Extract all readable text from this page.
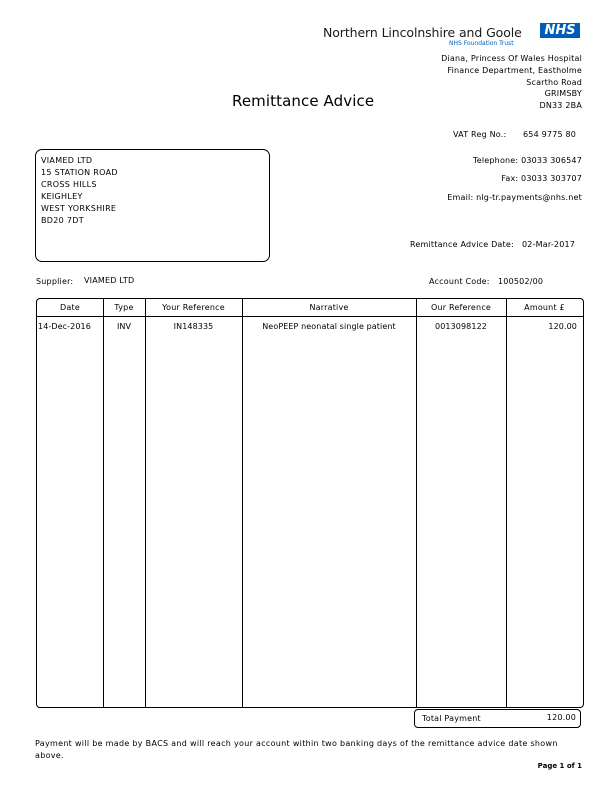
Northern Lincolnshire and Goole	NHS
NHS Foundation Trust
Diana, Princess Of Wales Hospital
Finance Department, Eastholme
Scartho Road
GRIMSBY
DN33 2BA
Remittance Advice
VAT Reg No.: 654 9775 80
VIAMED LTD
15 STATION ROAD
CROSS HILLS
KEIGHLEY
WEST YORKSHIRE
BD20 7DT
Telephone: 03033 306547
Fax: 03033 303707
Email: nlg-tr.payments@nhs.net
Remittance Advice Date: 02-Mar-2017
Supplier: VIAMED LTD	Account Code: 100502/00
Date	Type	Your Reference	Narrative	Our Reference	Amount £
14-Dec-2016	INV	IN148335	NeoPEEP neonatal single patient	0013098122	120.00
Total Payment	120.00
Payment will be made by BACS and will reach your account within two banking days of the remittance advice date shown above.
Page 1 of 1
